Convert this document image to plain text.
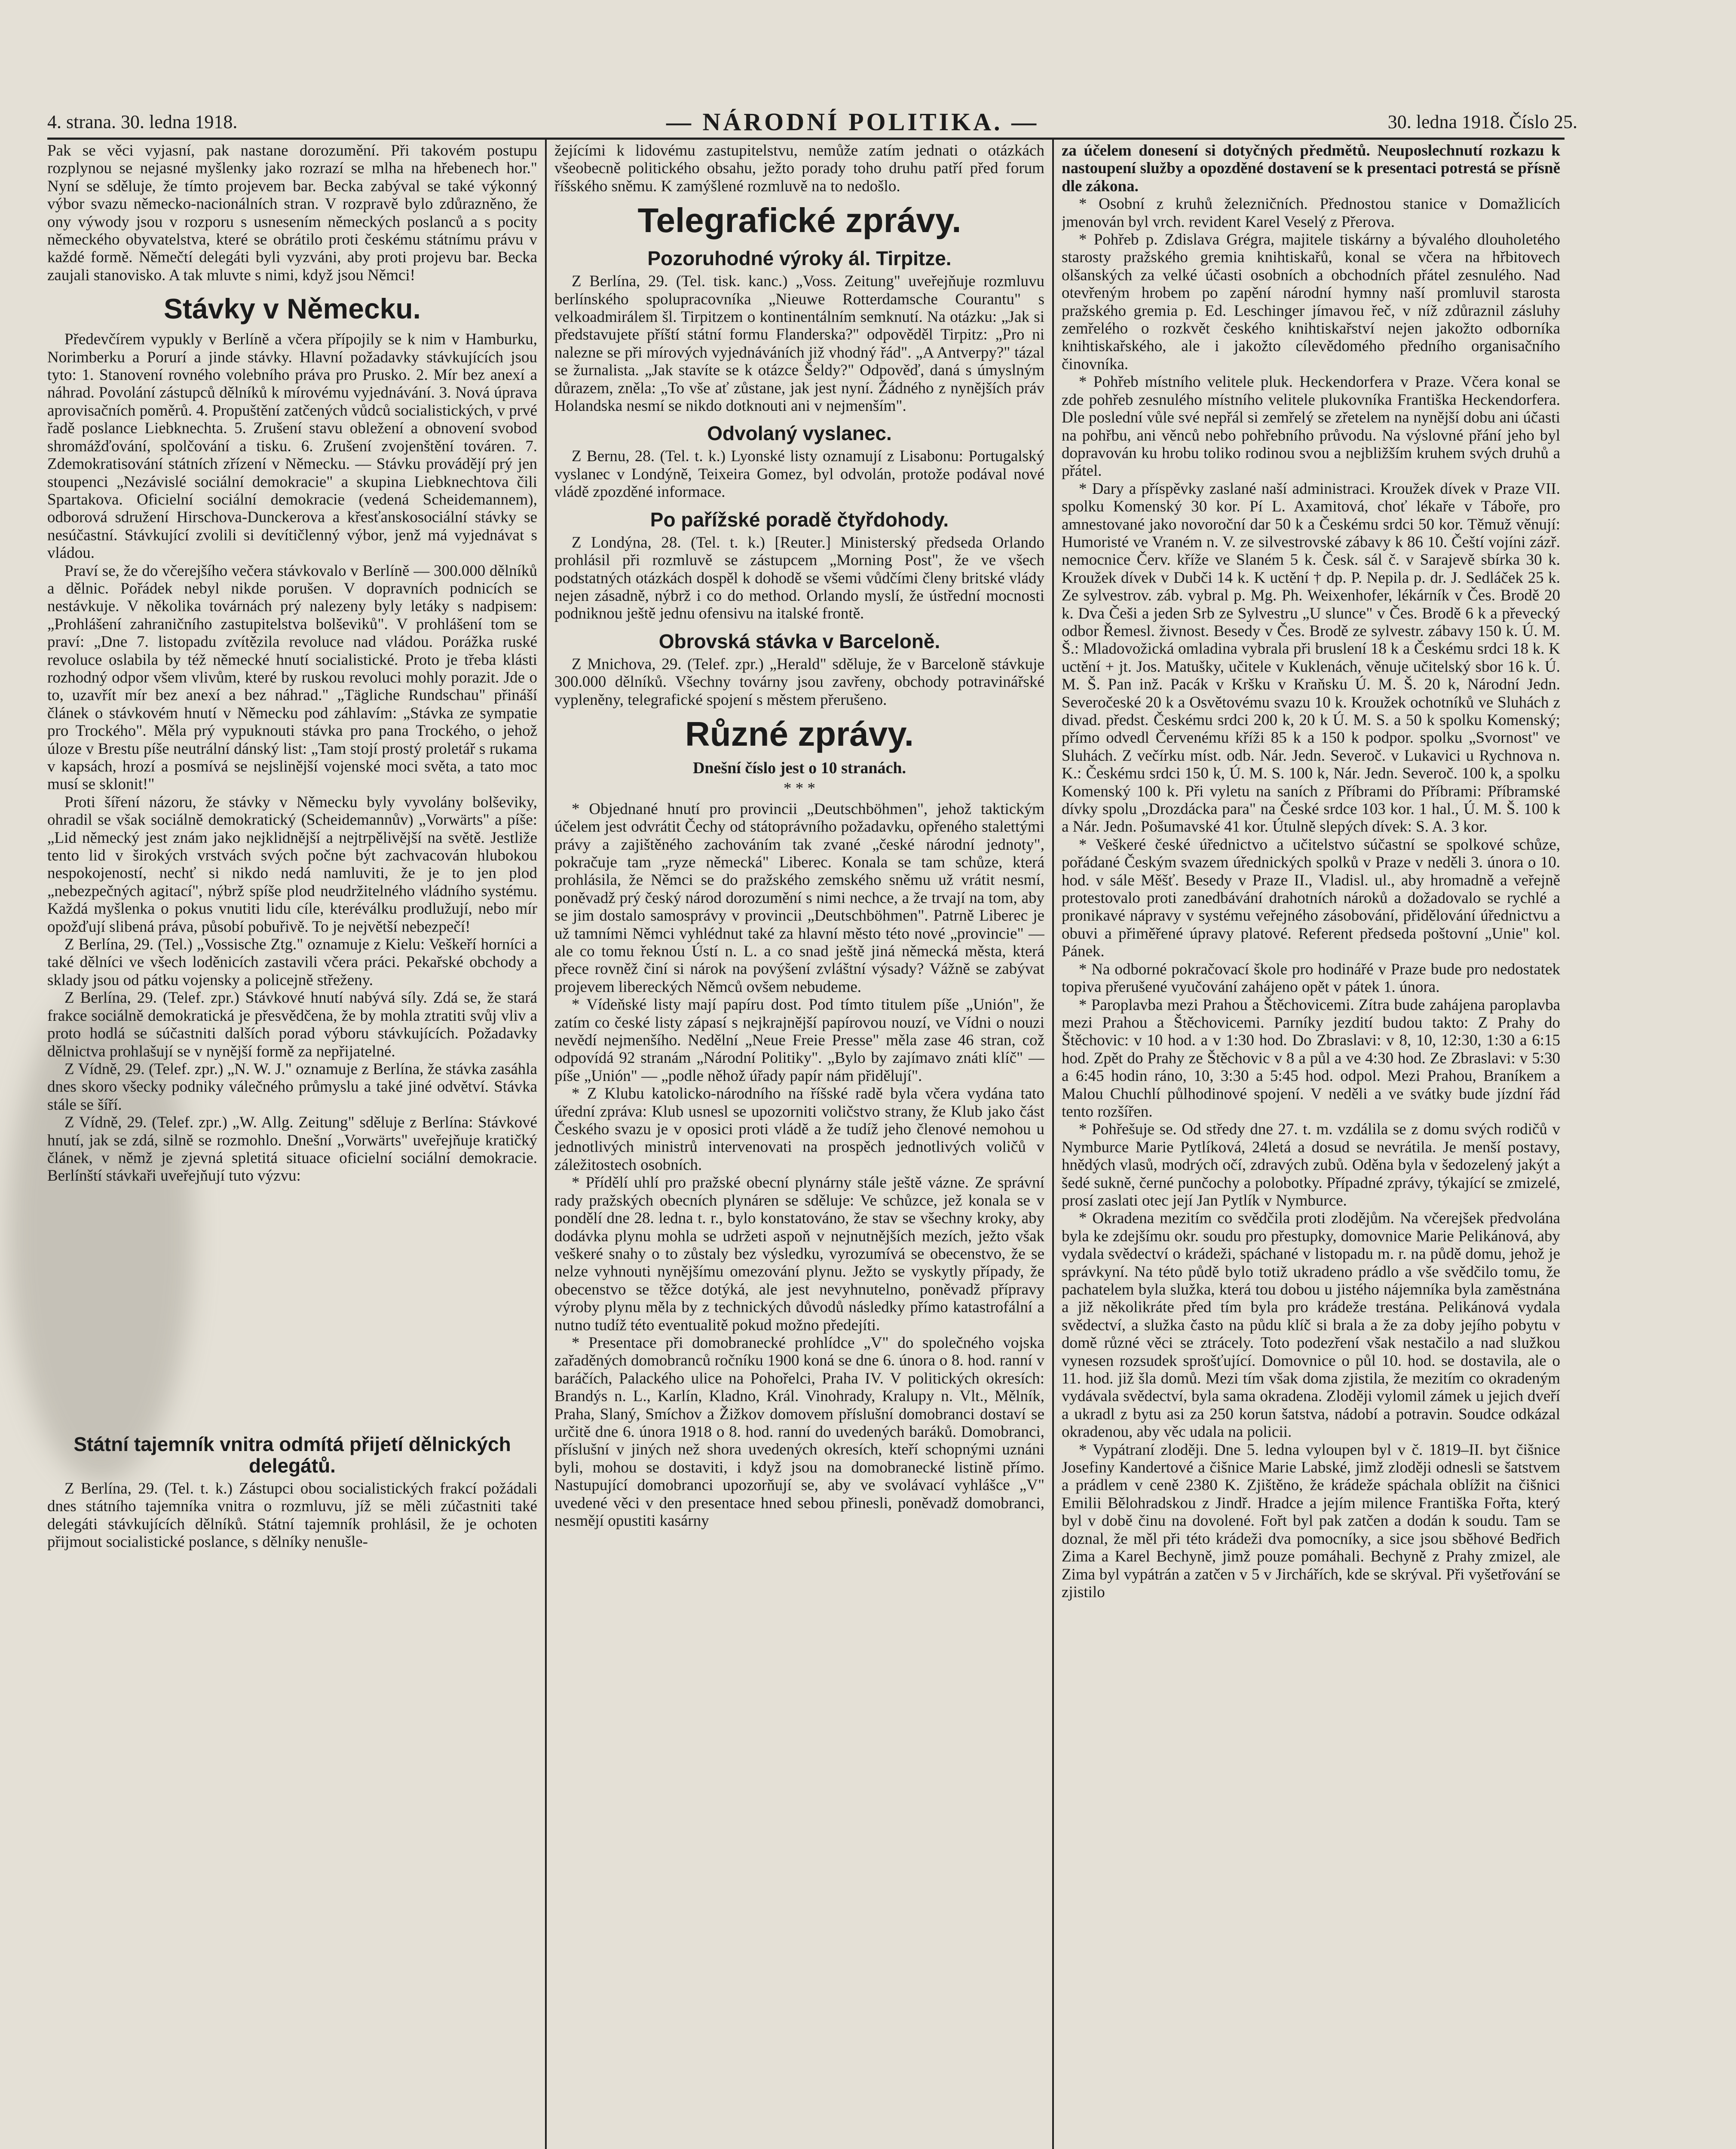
4. strana. 30. ledna 1918.	— NÁRODNÍ POLITIKA. —	30. ledna 1918. Číslo 25.

Pak se věci vyjasní, pak nastane dorozumění. Při takovém postupu rozplynou se nejasné myšlenky jako rozrazí se mlha na hřebenech hor." Nyní se sděluje, že tímto projevem bar. Becka zabýval se také výkonný výbor svazu německo-nacionálních stran. V rozpravě bylo zdůrazněno, že ony výwody jsou v rozporu s usnesením německých poslanců a s pocity německého obyvatelstva, které se obrátilo proti českému státnímu právu v každé formě. Němečtí delegáti byli vyzváni, aby proti projevu bar. Becka zaujali stanovisko. A tak mluvte s nimi, když jsou Němci!

Stávky v Německu.

Předevčírem vypukly v Berlíně a včera přípojily se k nim v Hamburku, Norimberku a Porurí a jinde stávky. Hlavní požadavky stávkujících jsou tyto: 1. Stanovení rovného volebního práva pro Prusko. 2. Mír bez anexí a náhrad. Povolání zástupců dělníků k mírovému vyjednávání. 3. Nová úprava aprovisačních poměrů. 4. Propuštění zatčených vůdců socialistických, v prvé řadě poslance Liebknechta. 5. Zrušení stavu obležení a obnovení svobod shromážďování, spolčování a tisku. 6. Zrušení zvojenštění továren. 7. Zdemokratisování státních zřízení v Německu. — Stávku provádějí prý jen stoupenci „Nezávislé sociální demokracie" a skupina Liebknechtova čili Spartakova. Oficielní sociální demokracie (vedená Scheidemannem), odborová sdružení Hirschova-Dunckerova a křesťanskosociální stávky se nesúčastní. Stávkující zvolili si devítičlenný výbor, jenž má vyjednávat s vládou.

Praví se, že do včerejšího večera stávkovalo v Berlíně — 300.000 dělníků a dělnic. Pořádek nebyl nikde porušen. V dopravních podnicích se nestávkuje. V několika továrnách prý nalezeny byly letáky s nadpisem: „Prohlášení zahraničního zastupitelstva bolševiků". V prohlášení tom se praví: „Dne 7. listopadu zvítězila revoluce nad vládou. Porážka ruské revoluce oslabila by též německé hnutí socialistické. Proto je třeba klásti rozhodný odpor všem vlivům, které by ruskou revoluci mohly porazit. Jde o to, uzavřít mír bez anexí a bez náhrad." „Tägliche Rundschau" přináší článek o stávkovém hnutí v Německu pod záhlavím: „Stávka ze sympatie pro Trockého". Měla prý vypuknouti stávka pro pana Trockého, o jehož úloze v Brestu píše neutrální dánský list: „Tam stojí prostý proletář s rukama v kapsách, hrozí a posmívá se nejslinější vojenské moci světa, a tato moc musí se sklonit!"

Proti šíření názoru, že stávky v Německu byly vyvolány bolševiky, ohradil se však sociálně demokratický (Scheidemannův) „Vorwärts" a píše: „Lid německý jest znám jako nejklidnější a nejtrpělivější na světě. Jestliže tento lid v širokých vrstvách svých počne být zachvacován hlubokou nespokojeností, nechť si nikdo nedá namluviti, že je to jen plod „nebezpečných agitací", nýbrž spíše plod neudržitelného vládního systému. Každá myšlenka o pokus vnutiti lidu cíle, kteréválku prodlužují, nebo mír opožďují slibená práva, působí pobuřivě. To je největší nebezpečí!

Z Berlína, 29. (Tel.) „Vossische Ztg." oznamuje z Kielu: Veškeří horníci a také dělníci ve všech loděnicích zastavili včera práci. Pekařské obchody a sklady jsou od pátku vojensky a policejně střeženy.

Z Berlína, 29. (Telef. zpr.) Stávkové hnutí nabývá síly. Zdá se, že stará frakce sociálně demokratická je přesvědčena, že by mohla ztratiti svůj vliv a proto hodlá se súčastniti dalších porad výboru stávkujících. Požadavky dělnictva prohlašují se v nynější formě za nepřijatelné.

Z Vídně, 29. (Telef. zpr.) „N. W. J." oznamuje z Berlína, že stávka zasáhla dnes skoro všecky podniky válečného průmyslu a také jiné odvětví. Stávka stále se šíří.

Z Vídně, 29. (Telef. zpr.) „W. Allg. Zeitung" sděluje z Berlína: Stávkové hnutí, jak se zdá, silně se rozmohlo. Dnešní „Vorwärts" uveřejňuje kratičký článek, v němž je zjevná spletitá situace oficielní sociální demokracie. Berlínští stávkaři uveřejňují tuto výzvu:

Státní tajemník vnitra odmítá přijetí dělnických delegátů.

Z Berlína, 29. (Tel. t. k.) Zástupci obou socialistických frakcí požádali dnes státního tajemníka vnitra o rozmluvu, jíž se měli zúčastniti také delegáti stávkujících dělníků. Státní tajemník prohlásil, že je ochoten přijmout socialistické poslance, s dělníky nenušle-

žejícími k lidovému zastupitelstvu, nemůže zatím jednati o otázkách všeobecně politického obsahu, ježto porady toho druhu patří před forum říšského sněmu. K zamýšlené rozmluvě na to nedošlo.

Telegrafické zprávy.
Pozoruhodné výroky ál. Tirpitze.

Z Berlína, 29. (Tel. tisk. kanc.) „Voss. Zeitung" uveřejňuje rozmluvu berlínského spolupracovníka „Nieuwe Rotterdamsche Courantu" s velkoadmirálem šl. Tirpitzem o kontinentálním semknutí. Na otázku: „Jak si představujete příští státní formu Flanderska?" odpověděl Tirpitz: „Pro ni nalezne se při mírových vyjednáváních již vhodný řád". „A Antverpy?" tázal se žurnalista. „Jak stavíte se k otázce Šeldy?" Odpověď, daná s úmyslným důrazem, zněla: „To vše ať zůstane, jak jest nyní. Žádného z nynějších práv Holandska nesmí se nikdo dotknouti ani v nejmenším".

Odvolaný vyslanec.

Z Bernu, 28. (Tel. t. k.) Lyonské listy oznamují z Lisabonu: Portugalský vyslanec v Londýně, Teixeira Gomez, byl odvolán, protože podával nové vládě zpozděné informace.

Po pařížské poradě čtyřdohody.

Z Londýna, 28. (Tel. t. k.) [Reuter.] Ministerský předseda Orlando prohlásil při rozmluvě se zástupcem „Morning Post", že ve všech podstatných otázkách dospěl k dohodě se všemi vůdčími členy britské vlády nejen zásadně, nýbrž i co do method. Orlando myslí, že ústřední mocnosti podniknou ještě jednu ofensivu na italské frontě.

Obrovská stávka v Barceloně.

Z Mnichova, 29. (Telef. zpr.) „Herald" sděluje, že v Barceloně stávkuje 300.000 dělníků. Všechny továrny jsou zavřeny, obchody potravinářské vypleněny, telegrafické spojení s městem přerušeno.

Různé zprávy.
Dnešní číslo jest o 10 stranách.
* * *

* Objednané hnutí pro provincii „Deutschböhmen", jehož taktickým účelem jest odvrátit Čechy od státoprávního požadavku, opřeného stalettými právy a zajištěného zachováním tak zvané „české národní jednoty", pokračuje tam „ryze německá" Liberec. Konala se tam schůze, která prohlásila, že Němci se do pražského zemského sněmu už vrátit nesmí, poněvadž prý český národ dorozumění s nimi nechce, a že trvají na tom, aby se jim dostalo samosprávy v provincii „Deutschböhmen". Patrně Liberec je už tamními Němci vyhlédnut také za hlavní město této nové „provincie" — ale co tomu řeknou Ústí n. L. a co snad ještě jiná německá města, která přece rovněž činí si nárok na povýšení zvláštní výsady? Vážně se zabývat projevem libereckých Němců ovšem nebudeme.

* Vídeňské listy mají papíru dost. Pod tímto titulem píše „Unión", že zatím co české listy zápasí s nejkrajnější papírovou nouzí, ve Vídni o nouzi nevědí nejmenšího. Nedělní „Neue Freie Presse" měla zase 46 stran, což odpovídá 92 stranám „Národní Politiky". „Bylo by zajímavo znáti klíč" — píše „Unión" — „podle něhož úřady papír nám přidělují".

* Z Klubu katolicko-národního na říšské radě byla včera vydána tato úřední zpráva: Klub usnesl se upozorniti voličstvo strany, že Klub jako část Českého svazu je v oposici proti vládě a že tudíž jeho členové nemohou u jednotlivých ministrů intervenovati na prospěch jednotlivých voličů v záležitostech osobních.

* Přídělí uhlí pro pražské obecní plynárny stále ještě vázne. Ze správní rady pražských obecních plynáren se sděluje: Ve schůzce, jež konala se v pondělí dne 28. ledna t. r., bylo konstatováno, že stav se všechny kroky, aby dodávka plynu mohla se udržeti aspoň v nejnutnějších mezích, ježto však veškeré snahy o to zůstaly bez výsledku, vyrozumívá se obecenstvo, že se nelze vyhnouti nynějšímu omezování plynu. Ježto se vyskytly případy, že obecenstvo se těžce dotýká, ale jest nevyhnutelno, poněvadž přípravy výroby plynu měla by z technických důvodů následky přímo katastrofální a nutno tudíž této eventualitě pokud možno předejíti.

* Presentace při domobranecké prohlídce „V" do společného vojska zařaděných domobranců ročníku 1900 koná se dne 6. února o 8. hod. ranní v baráčích, Palackého ulice na Pohořelci, Praha IV. V politických okresích: Brandýs n. L., Karlín, Kladno, Král. Vinohrady, Kralupy n. Vlt., Mělník, Praha, Slaný, Smíchov a Žižkov domovem příslušní domobranci dostaví se určitě dne 6. února 1918 o 8. hod. ranní do uvedených baráků. Domobranci, příslušní v jiných než shora uvedených okresích, kteří schopnými uznáni byli, mohou se dostaviti, i když jsou na domobranecké listině přímo. Nastupující domobranci upozorňují se, aby ve svolávací vyhlášce „V" uvedené věci v den presentace hned sebou přinesli, poněvadž domobranci, nesmějí opustiti kasárny

za účelem donesení si dotyčných předmětů. Neuposlechnutí rozkazu k nastoupení služby a opozděné dostavení se k presentaci potrestá se přísně dle zákona.

* Osobní z kruhů železničních. Přednostou stanice v Domažlicích jmenován byl vrch. revident Karel Veselý z Přerova.

* Pohřeb p. Zdislava Grégra, majitele tiskárny a bývalého dlouholetého starosty pražského gremia knihtiskařů, konal se včera na hřbitovech olšanských za velké účasti osobních a obchodních přátel zesnulého. Nad otevřeným hrobem po zapění národní hymny naší promluvil starosta pražského gremia p. Ed. Leschinger jímavou řeč, v níž zdůraznil zásluhy zemřelého o rozkvět českého knihtiskařství nejen jakožto odborníka knihtiskařského, ale i jakožto cílevědomého předního organisačního činovníka.

* Pohřeb místního velitele pluk. Heckendorfera v Praze. Včera konal se zde pohřeb zesnulého místního velitele plukovníka Františka Heckendorfera. Dle poslední vůle své nepřál si zemřelý se zřetelem na nynější dobu ani účasti na pohřbu, ani věnců nebo pohřebního průvodu. Na výslovné přání jeho byl dopravován ku hrobu toliko rodinou svou a nejbližším kruhem svých druhů a přátel.

* Dary a příspěvky zaslané naší administraci. Kroužek dívek v Praze VII. spolku Komenský 30 kor. Pí L. Axamitová, choť lékaře v Táboře, pro amnestované jako novoroční dar 50 k a Českému srdci 50 kor. Těmuž věnují: Humoristé ve Vraném n. V. ze silvestrovské zábavy k 86 10. Čeští vojíni zázř. nemocnice Červ. kříže ve Slaném 5 k. Česk. sál č. v Sarajevě sbírka 30 k. Kroužek dívek v Dubči 14 k. K uctění † dp. P. Nepila p. dr. J. Sedláček 25 k. Ze sylvestrov. záb. vybral p. Mg. Ph. Weixenhofer, lékárník v Čes. Brodě 20 k. Dva Češi a jeden Srb ze Sylvestru „U slunce" v Čes. Brodě 6 k a převecký odbor Řemesl. živnost. Besedy v Čes. Brodě ze sylvestr. zábavy 150 k. Ú. M. Š.: Mladovožická omladina vybrala při bruslení 18 k a Českému srdci 18 k. K uctění + jt. Jos. Matušky, učitele v Kuklenách, věnuje učitelský sbor 16 k. Ú. M. Š. Pan inž. Pacák v Kršku v Kraňsku Ú. M. Š. 20 k, Národní Jedn. Severočeské 20 k a Osvětovému svazu 10 k. Kroužek ochotníků ve Sluhách z divad. předst. Českému srdci 200 k, 20 k Ú. M. S. a 50 k spolku Komenský; přímo odvedl Červenému kříži 85 k a 150 k podpor. spolku „Svornost" ve Sluhách. Z večírku míst. odb. Nár. Jedn. Severoč. v Lukavici u Rychnova n. K.: Českému srdci 150 k, Ú. M. S. 100 k, Nár. Jedn. Severoč. 100 k, a spolku Komenský 100 k. Při vyletu na saních z Příbrami do Příbrami: Příbramské dívky spolu „Drozdácka para" na České srdce 103 kor. 1 hal., Ú. M. Š. 100 k a Nár. Jedn. Pošumavské 41 kor. Útulně slepých dívek: S. A. 3 kor.

* Veškeré české úřednictvo a učitelstvo súčastní se spolkové schůze, pořádané Českým svazem úřednických spolků v Praze v neděli 3. února o 10. hod. v sále Měšť. Besedy v Praze II., Vladisl. ul., aby hromadně a veřejně protestovalo proti zanedbávání drahotních nároků a dožadovalo se rychlé a pronikavé nápravy v systému veřejného zásobování, přidělování úřednictvu a obuvi a přiměřené úpravy platové. Referent předseda poštovní „Unie" kol. Pánek.

* Na odborné pokračovací škole pro hodinářé v Praze bude pro nedostatek topiva přerušené vyučování zahájeno opět v pátek 1. února.

* Paroplavba mezi Prahou a Štěchovicemi. Zítra bude zahájena paroplavba mezi Prahou a Štěchovicemi. Parníky jezdití budou takto: Z Prahy do Štěchovic: v 10 hod. a v 1:30 hod. Do Zbraslavi: v 8, 10, 12:30, 1:30 a 6:15 hod. Zpět do Prahy ze Štěchovic v 8 a půl a ve 4:30 hod. Ze Zbraslavi: v 5:30 a 6:45 hodin ráno, 10, 3:30 a 5:45 hod. odpol. Mezi Prahou, Braníkem a Malou Chuchlí půlhodinové spojení. V neděli a ve svátky bude jízdní řád tento rozšířen.

* Pohřešuje se. Od středy dne 27. t. m. vzdálila se z domu svých rodičů v Nymburce Marie Pytlíková, 24letá a dosud se nevrátila. Je menší postavy, hnědých vlasů, modrých očí, zdravých zubů. Oděna byla v šedozelený jakýt a šedé sukně, černé punčochy a polobotky. Případné zprávy, týkající se zmizelé, prosí zaslati otec její Jan Pytlík v Nymburce.

* Okradena mezitím co svědčila proti zlodějům. Na včerejšek předvolána byla ke zdejšímu okr. soudu pro přestupky, domovnice Marie Pelikánová, aby vydala svědectví o krádeži, spáchané v listopadu m. r. na půdě domu, jehož je správkyní. Na této půdě bylo totiž ukradeno prádlo a vše svědčilo tomu, že pachatelem byla služka, která tou dobou u jistého nájemníka byla zaměstnána a již několikráte před tím byla pro krádeže trestána. Pelikánová vydala svědectví, a služka často na půdu klíč si brala a že za doby jejího pobytu v domě různé věci se ztrácely. Toto podezření však nestačilo a nad služkou vynesen rozsudek sprošťující. Domovnice o půl 10. hod. se dostavila, ale o 11. hod. již šla domů. Mezi tím však doma zjistila, že mezitím co okradeným vydávala svědectví, byla sama okradena. Zloději vylomil zámek u jejich dveří a ukradl z bytu asi za 250 korun šatstva, nádobí a potravin. Soudce odkázal okradenou, aby věc udala na policii.

* Vypátraní zloději. Dne 5. ledna vyloupen byl v č. 1819–II. byt čišnice Josefiny Kandertové a čišnice Marie Labské, jimž zloději odnesli se šatstvem a prádlem v ceně 2380 K. Zjištěno, že krádeže spáchala oblížit na čišnici Emilii Bělohradskou z Jindř. Hradce a jejím milence Františka Fořta, který byl v době činu na dovolené. Fořt byl pak zatčen a dodán k soudu. Tam se doznal, že měl při této krádeži dva pomocníky, a sice jsou sběhové Bedřich Zima a Karel Bechyně, jimž pouze pomáhali. Bechyně z Prahy zmizel, ale Zima byl vypátrán a zatčen v 5 v Jirchářích, kde se skrýval. Při vyšetřování se zjistilo
